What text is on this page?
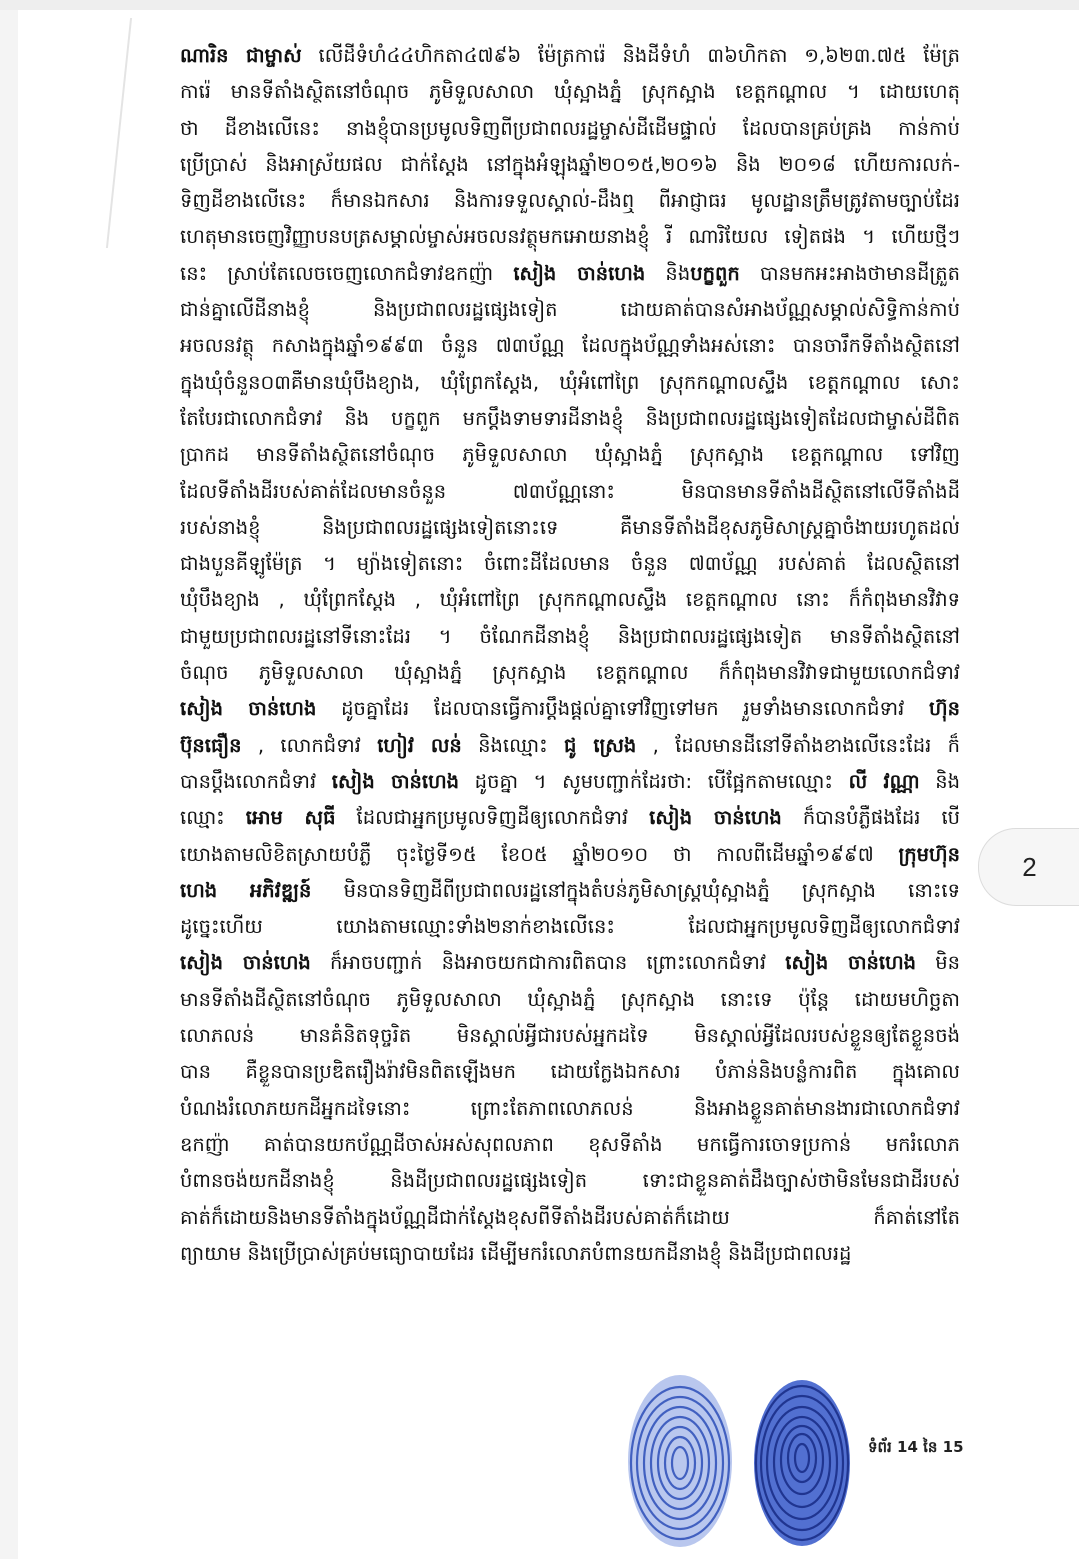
ណារិន ជាម្ចាស់ លើដីទំហំ៤៤ហិកតា៤៧៩៦ ម៉ែត្រការ៉េ និងដីទំហំ ៣៦ហិកតា ១,៦២៣.៧៥ ម៉ែត្រ
ការ៉េ មានទីតាំងស្ថិតនៅចំណុច ភូមិទួលសាលា ឃុំស្អាងភ្នំ ស្រុកស្អាង ខេត្តកណ្ដាល ។ ដោយហេតុ
ថា ដីខាងលើនេះ នាងខ្ញុំបានប្រមូលទិញពីប្រជាពលរដ្ឋម្ចាស់ដីដើមផ្ទាល់ ដែលបានគ្រប់គ្រង កាន់កាប់
ប្រើប្រាស់ និងអាស្រ័យផល ជាក់ស្ដែង នៅក្នុងអំឡុងឆ្នាំ២០១៥,២០១៦ និង ២០១៨ ហើយការលក់-
ទិញដីខាងលើនេះ ក៏មានឯកសារ និងការទទួលស្គាល់-ដឹងឮ ពីអាជ្ញាធរ មូលដ្ឋានត្រឹមត្រូវតាមច្បាប់ដែរ
ហេតុមានចេញវិញ្ញាបនបត្រសម្គាល់ម្ចាស់អចលនវត្ថុមកអោយនាងខ្ញុំ រី ណារិយែល ទៀតផង ។ ហើយថ្មីៗ
នេះ ស្រាប់តែលេចចេញលោកជំទាវឧកញ៉ា សៀង ចាន់ហេង និងបក្ខពួក បានមកអះអាងថាមានដីត្រួត
ជាន់គ្នាលើដីនាងខ្ញុំ និងប្រជាពលរដ្ឋផ្សេងទៀត ដោយគាត់បានសំអាងប័ណ្ណសម្គាល់សិទ្ធិកាន់កាប់
អចលនវត្ថុ កសាងក្នុងឆ្នាំ១៩៩៣ ចំនួន ៧៣ប័ណ្ណ ដែលក្នុងប័ណ្ណទាំងអស់នោះ បានចារឹកទីតាំងស្ថិតនៅ
ក្នុងឃុំចំនួន០៣គឺមានឃុំបឹងខ្យាង, ឃុំព្រែកស្ដែង, ឃុំអំពៅព្រៃ ស្រុកកណ្ដាលស្ទឹង ខេត្តកណ្ដាល សោះ
តែបែរជាលោកជំទាវ និង បក្ខពួក មកប្ដឹងទាមទារដីនាងខ្ញុំ និងប្រជាពលរដ្ឋផ្សេងទៀតដែលជាម្ចាស់ដីពិត
ប្រាកដ មានទីតាំងស្ថិតនៅចំណុច ភូមិទួលសាលា ឃុំស្អាងភ្នំ ស្រុកស្អាង ខេត្តកណ្ដាល ទៅវិញ
ដែលទីតាំងដីរបស់គាត់ដែលមានចំនួន ៧៣ប័ណ្ណនោះ មិនបានមានទីតាំងដីស្ថិតនៅលើទីតាំងដី
របស់នាងខ្ញុំ និងប្រជាពលរដ្ឋផ្សេងទៀតនោះទេ គឺមានទីតាំងដីខុសភូមិសាស្ត្រគ្នាចំងាយរហូតដល់
ជាងបួនគីឡូម៉ែត្រ ។ ម្យ៉ាងទៀតនោះ ចំពោះដីដែលមាន ចំនួន ៧៣ប័ណ្ណ របស់គាត់ ដែលស្ថិតនៅ
ឃុំបឹងខ្យាង , ឃុំព្រែកស្ដែង , ឃុំអំពៅព្រៃ ស្រុកកណ្ដាលស្ទឹង ខេត្តកណ្ដាល នោះ ក៏កំពុងមានវិវាទ
ជាមួយប្រជាពលរដ្ឋនៅទីនោះដែរ ។ ចំណែកដីនាងខ្ញុំ និងប្រជាពលរដ្ឋផ្សេងទៀត មានទីតាំងស្ថិតនៅ
ចំណុច ភូមិទួលសាលា ឃុំស្អាងភ្នំ ស្រុកស្អាង ខេត្តកណ្ដាល ក៏កំពុងមានវិវាទជាមួយលោកជំទាវ
សៀង ចាន់ហេង ដូចគ្នាដែរ ដែលបានធ្វើការប្ដឹងផ្ដល់គ្នាទៅវិញទៅមក រួមទាំងមានលោកជំទាវ ហ៊ុន
ប៊ុនធឿន , លោកជំទាវ ហៀវ លន់ និងឈ្មោះ ជូ ស្រេង , ដែលមានដីនៅទីតាំងខាងលើនេះដែរ ក៏
បានប្ដឹងលោកជំទាវ សៀង ចាន់ហេង ដូចគ្នា ។ សូមបញ្ជាក់ដែរថា: បើផ្អែកតាមឈ្មោះ លី វណ្ណា និង
ឈ្មោះ អោម សុធី ដែលជាអ្នកប្រមូលទិញដីឲ្យលោកជំទាវ សៀង ចាន់ហេង ក៏បានបំភ្លឺផងដែរ បើ
យោងតាមលិខិតស្រាយបំភ្លឺ ចុះថ្ងៃទី១៥ ខែ០៥ ឆ្នាំ២០១០ ថា កាលពីដើមឆ្នាំ១៩៩៧ ក្រុមហ៊ុន
ហេង អភិវឌ្ឍន៍ មិនបានទិញដីពីប្រជាពលរដ្ឋនៅក្នុងតំបន់ភូមិសាស្ត្រឃុំស្អាងភ្នំ ស្រុកស្អាង នោះទេ
ដូច្នេះហើយ យោងតាមឈ្មោះទាំង២នាក់ខាងលើនេះ ដែលជាអ្នកប្រមូលទិញដីឲ្យលោកជំទាវ
សៀង ចាន់ហេង ក៏អាចបញ្ជាក់ និងអាចយកជាការពិតបាន ព្រោះលោកជំទាវ សៀង ចាន់ហេង មិន
មានទីតាំងដីស្ថិតនៅចំណុច ភូមិទួលសាលា ឃុំស្អាងភ្នំ ស្រុកស្អាង នោះទេ ប៉ុន្តែ ដោយមហិច្ឆតា
លោភលន់ មានគំនិតទុច្ចរិត មិនស្គាល់អ្វីជារបស់អ្នកដទៃ មិនស្គាល់អ្វីដែលរបស់ខ្លួនឲ្យតែខ្លួនចង់
បាន គឺខ្លួនបានប្រឌិតរឿងរ៉ាវមិនពិតឡើងមក ដោយក្លែងឯកសារ បំភាន់និងបន្លំការពិត ក្នុងគោល
បំណងរំលោភយកដីអ្នកដទៃនោះ ព្រោះតែភាពលោភលន់ និងអាងខ្លួនគាត់មានងារជាលោកជំទាវ
ឧកញ៉ា គាត់បានយកប័ណ្ណដីចាស់អស់សុពលភាព ខុសទីតាំង មកធ្វើការចោទប្រកាន់ មករំលោភ
បំពានចង់យកដីនាងខ្ញុំ និងដីប្រជាពលរដ្ឋផ្សេងទៀត ទោះជាខ្លួនគាត់ដឹងច្បាស់ថាមិនមែនជាដីរបស់
គាត់ក៏ដោយនិងមានទីតាំងក្នុងប័ណ្ណដីជាក់ស្ដែងខុសពីទីតាំងដីរបស់គាត់ក៏ដោយ ក៏គាត់នៅតែ
ព្យាយាម និងប្រើប្រាស់គ្រប់មធ្យោបាយដែរ ដើម្បីមករំលោភបំពានយកដីនាងខ្ញុំ និងដីប្រជាពលរដ្ឋ
ទំព័រ 14 នៃ 15
2
